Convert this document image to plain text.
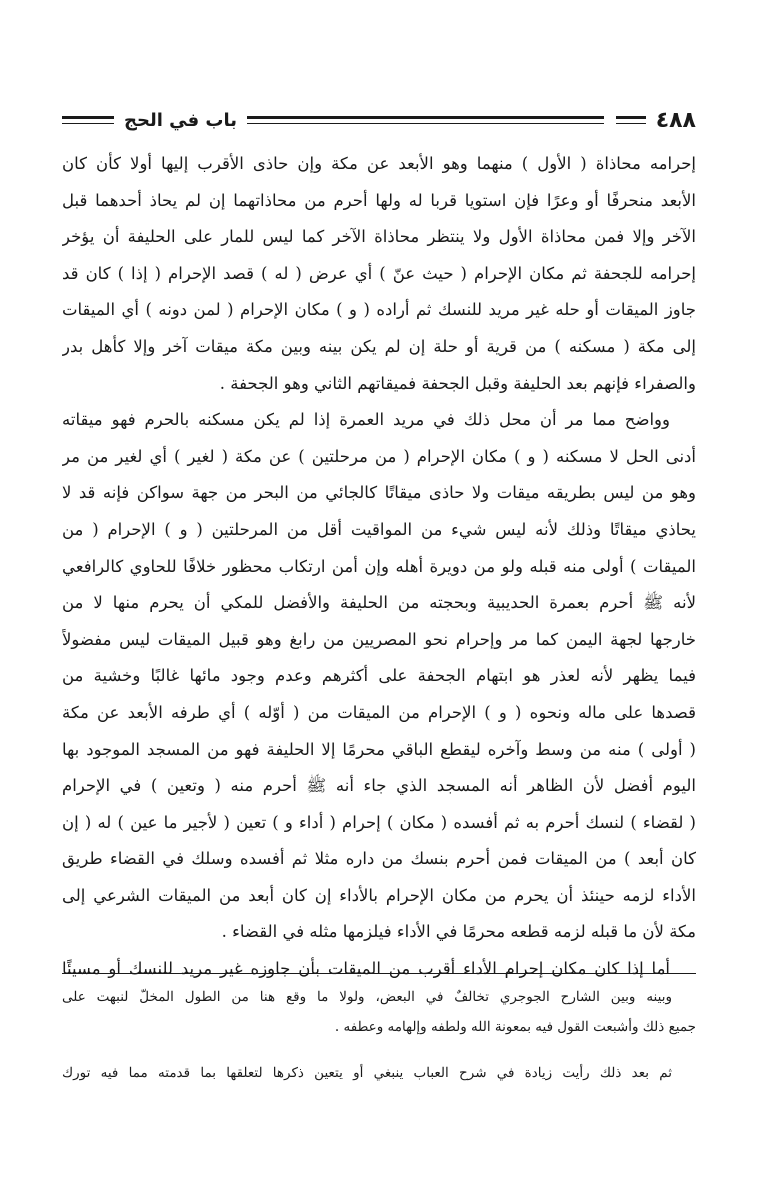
٤٨٨
باب في الحج
إحرامه محاذاة ( الأول ) منهما وهو الأبعد عن مكة وإن حاذى الأقرب إليها أولا كأن كان
الأبعد منحرفًا أو وعرًا فإن استويا قربا له ولها أحرم من محاذاتهما إن لم يحاذ أحدهما قبل
الآخر وإلا فمن محاذاة الأول ولا ينتظر محاذاة الآخر كما ليس للمار على الحليفة أن يؤخر
إحرامه للجحفة ثم مكان الإحرام ( حيث عنّ ) أي عرض ( له ) قصد الإحرام ( إذا ) كان قد
جاوز الميقات أو حله غير مريد للنسك ثم أراده ( و ) مكان الإحرام ( لمن دونه ) أي الميقات
إلى مكة ( مسكنه ) من قرية أو حلة إن لم يكن بينه وبين مكة ميقات آخر وإلا كأهل بدر
والصفراء فإنهم بعد الحليفة وقبل الجحفة فميقاتهم الثاني وهو الجحفة .
وواضح مما مر أن محل ذلك في مريد العمرة إذا لم يكن مسكنه بالحرم فهو ميقاته
أدنى الحل لا مسكنه ( و ) مكان الإحرام ( من مرحلتين ) عن مكة ( لغير ) أي لغير من مر
وهو من ليس بطريقه ميقات ولا حاذى ميقاتًا كالجائي من البحر من جهة سواكن فإنه قد لا
يحاذي ميقاتًا وذلك لأنه ليس شيء من المواقيت أقل من المرحلتين ( و ) الإحرام ( من
الميقات ) أولى منه قبله ولو من دويرة أهله وإن أمن ارتكاب محظور خلافًا للحاوي كالرافعي
لأنه ﷺ أحرم بعمرة الحديبية وبحجته من الحليفة والأفضل للمكي أن يحرم منها لا من
خارجها لجهة اليمن كما مر وإحرام نحو المصريين من رابغ وهو قبيل الميقات ليس مفضولاً
فيما يظهر لأنه لعذر هو ابتهام الجحفة على أكثرهم وعدم وجود مائها غالبًا وخشية من
قصدها على ماله ونحوه ( و ) الإحرام من الميقات من ( أوّله ) أي طرفه الأبعد عن مكة
( أولى ) منه من وسط وآخره ليقطع الباقي محرمًا إلا الحليفة فهو من المسجد الموجود بها
اليوم أفضل لأن الظاهر أنه المسجد الذي جاء أنه ﷺ أحرم منه ( وتعين ) في الإحرام
( لقضاء ) لنسك أحرم به ثم أفسده ( مكان ) إحرام ( أداء و ) تعين ( لأجير ما عين ) له ( إن
كان أبعد ) من الميقات فمن أحرم بنسك من داره مثلا ثم أفسده وسلك في القضاء طريق
الأداء لزمه حينئذ أن يحرم من مكان الإحرام بالأداء إن كان أبعد من الميقات الشرعي إلى
مكة لأن ما قبله لزمه قطعه محرمًا في الأداء فيلزمها مثله في القضاء .
أما إذا كان مكان إحرام الأداء أقرب من الميقات بأن جاوزه غير مريد للنسك أو مسيئًا
وبينه وبين الشارح الجوجري تخالفٌ في البعض، ولولا ما وقع هنا من الطول المخلّ لنبهت على
جميع ذلك وأشبعت القول فيه بمعونة الله ولطفه وإلهامه وعطفه .
ثم بعد ذلك رأيت زيادة في شرح العباب ينبغي أو يتعين ذكرها لتعلقها بما قدمته مما فيه تورك
